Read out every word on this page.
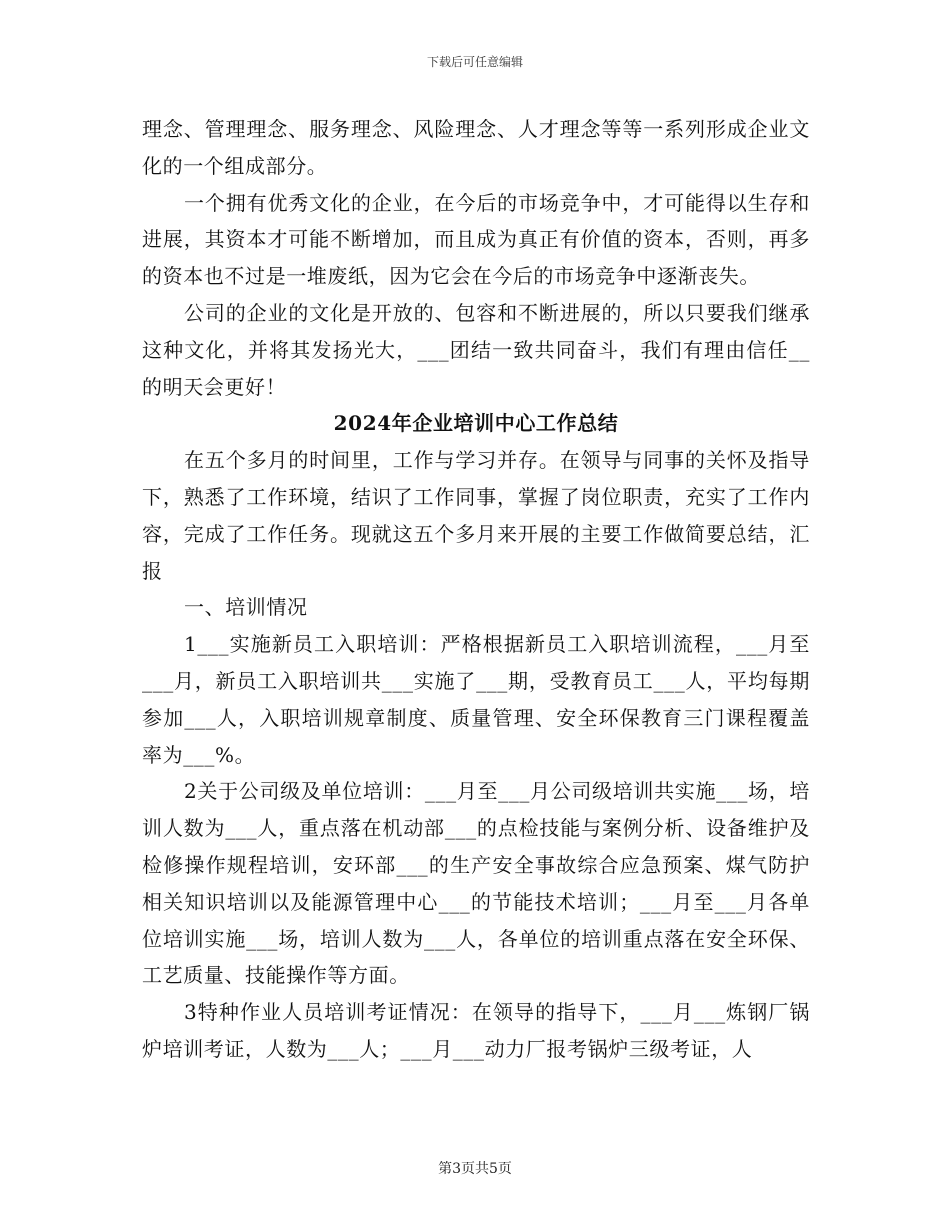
下载后可任意编辑

理念、管理理念、服务理念、风险理念、人才理念等等一系列形成企业文化的一个组成部分。

一个拥有优秀文化的企业，在今后的市场竞争中，才可能得以生存和进展，其资本才可能不断增加，而且成为真正有价值的资本，否则，再多的资本也不过是一堆废纸，因为它会在今后的市场竞争中逐渐丧失。

公司的企业的文化是开放的、包容和不断进展的，所以只要我们继承这种文化，并将其发扬光大，___团结一致共同奋斗，我们有理由信任__的明天会更好！

2024年企业培训中心工作总结

在五个多月的时间里，工作与学习并存。在领导与同事的关怀及指导下，熟悉了工作环境，结识了工作同事，掌握了岗位职责，充实了工作内容，完成了工作任务。现就这五个多月来开展的主要工作做简要总结，汇报

一、培训情况

1___实施新员工入职培训：严格根据新员工入职培训流程，___月至___月，新员工入职培训共___实施了___期，受教育员工___人，平均每期参加___人，入职培训规章制度、质量管理、安全环保教育三门课程覆盖率为___%。

2关于公司级及单位培训：___月至___月公司级培训共实施___场，培训人数为___人，重点落在机动部___的点检技能与案例分析、设备维护及检修操作规程培训，安环部___的生产安全事故综合应急预案、煤气防护相关知识培训以及能源管理中心___的节能技术培训；___月至___月各单位培训实施___场，培训人数为___人，各单位的培训重点落在安全环保、工艺质量、技能操作等方面。

3特种作业人员培训考证情况：在领导的指导下，___月___炼钢厂锅炉培训考证，人数为___人；___月___动力厂报考锅炉三级考证，人

第3页共5页
